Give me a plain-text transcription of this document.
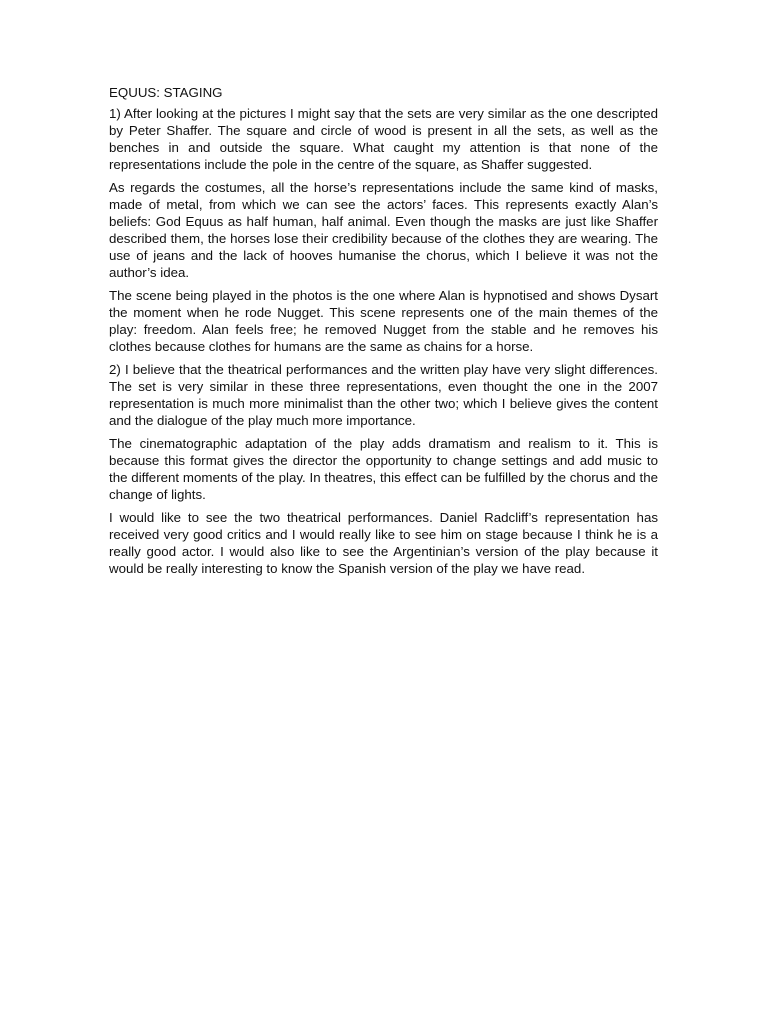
EQUUS: STAGING

1) After looking at the pictures I might say that the sets are very similar as the one descripted by Peter Shaffer. The square and circle of wood is present in all the sets, as well as the benches in and outside the square. What caught my attention is that none of the representations include the pole in the centre of the square, as Shaffer suggested.

As regards the costumes, all the horse’s representations include the same kind of masks, made of metal, from which we can see the actors’ faces. This represents exactly Alan’s beliefs: God Equus as half human, half animal. Even though the masks are just like Shaffer described them, the horses lose their credibility because of the clothes they are wearing. The use of jeans and the lack of hooves humanise the chorus, which I believe it was not the author’s idea.

The scene being played in the photos is the one where Alan is hypnotised and shows Dysart the moment when he rode Nugget. This scene represents one of the main themes of the play: freedom. Alan feels free; he removed Nugget from the stable and he removes his clothes because clothes for humans are the same as chains for a horse.

2) I believe that the theatrical performances and the written play have very slight differences. The set is very similar in these three representations, even thought the one in the 2007 representation is much more minimalist than the other two; which I believe gives the content and the dialogue of the play much more importance.

The cinematographic adaptation of the play adds dramatism and realism to it. This is because this format gives the director the opportunity to change settings and add music to the different moments of the play. In theatres, this effect can be fulfilled by the chorus and the change of lights.

I would like to see the two theatrical performances. Daniel Radcliff’s representation has received very good critics and I would really like to see him on stage because I think he is a really good actor. I would also like to see the Argentinian’s version of the play because it would be really interesting to know the Spanish version of the play we have read.
